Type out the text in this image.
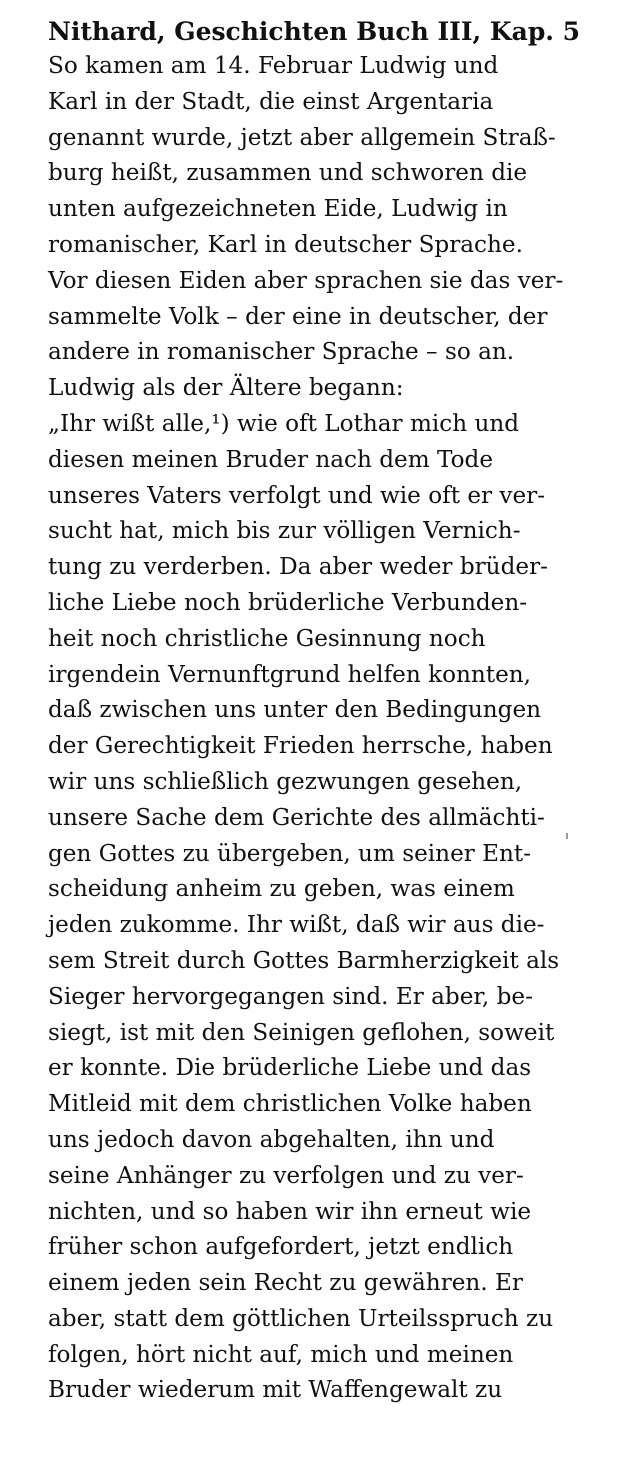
Nithard, Geschichten Buch III, Kap. 5
So kamen am 14. Februar Ludwig und
Karl in der Stadt, die einst Argentaria
genannt wurde, jetzt aber allgemein Straß-
burg heißt, zusammen und schworen die
unten aufgezeichneten Eide, Ludwig in
romanischer, Karl in deutscher Sprache.
Vor diesen Eiden aber sprachen sie das ver-
sammelte Volk – der eine in deutscher, der
andere in romanischer Sprache – so an.
Ludwig als der Ältere begann:
„Ihr wißt alle,¹) wie oft Lothar mich und
diesen meinen Bruder nach dem Tode
unseres Vaters verfolgt und wie oft er ver-
sucht hat, mich bis zur völligen Vernich-
tung zu verderben. Da aber weder brüder-
liche Liebe noch brüderliche Verbunden-
heit noch christliche Gesinnung noch
irgendein Vernunftgrund helfen konnten,
daß zwischen uns unter den Bedingungen
der Gerechtigkeit Frieden herrsche, haben
wir uns schließlich gezwungen gesehen,
unsere Sache dem Gerichte des allmächti-
gen Gottes zu übergeben, um seiner Ent-
scheidung anheim zu geben, was einem
jeden zukomme. Ihr wißt, daß wir aus die-
sem Streit durch Gottes Barmherzigkeit als
Sieger hervorgegangen sind. Er aber, be-
siegt, ist mit den Seinigen geflohen, soweit
er konnte. Die brüderliche Liebe und das
Mitleid mit dem christlichen Volke haben
uns jedoch davon abgehalten, ihn und
seine Anhänger zu verfolgen und zu ver-
nichten, und so haben wir ihn erneut wie
früher schon aufgefordert, jetzt endlich
einem jeden sein Recht zu gewähren. Er
aber, statt dem göttlichen Urteilsspruch zu
folgen, hört nicht auf, mich und meinen
Bruder wiederum mit Waffengewalt zu
